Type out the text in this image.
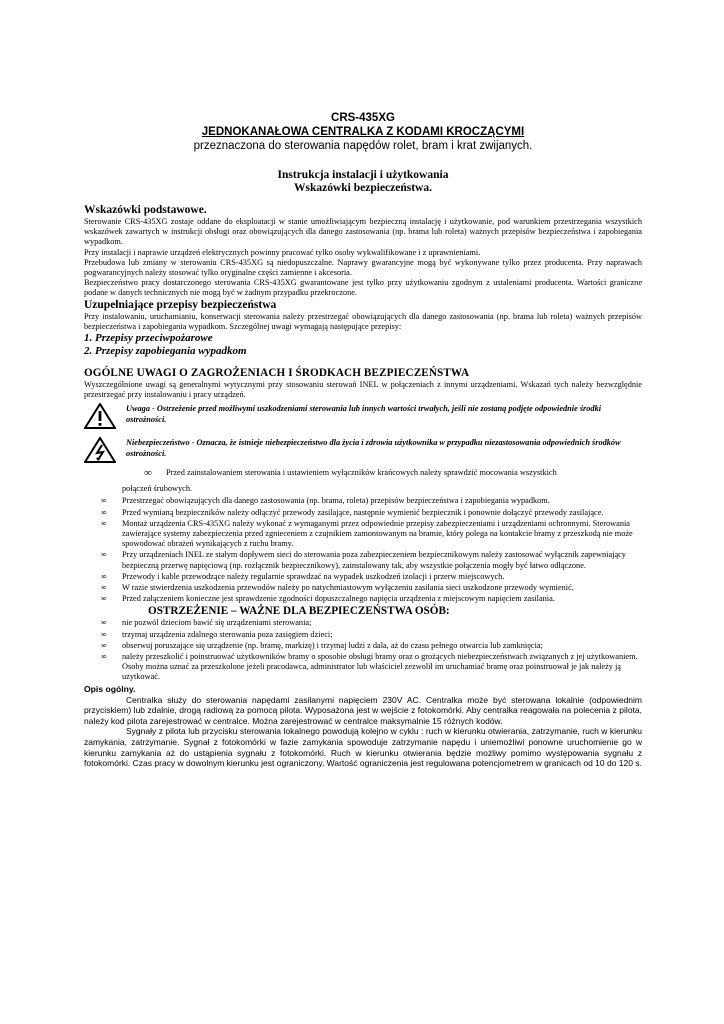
CRS-435XG
JEDNOKANAŁOWA CENTRALKA Z KODAMI KROCZĄCYMI
przeznaczona do sterowania napędów rolet, bram i krat zwijanych.
Instrukcja instalacji i użytkowania
Wskazówki bezpieczeństwa.
Wskazówki podstawowe.

Sterowanie CRS-435XG zostaje oddane do eksploatacji w stanie umożliwiającym bezpieczną instalację i użytkowanie, pod warunkiem przestrzegania wszystkich wskazówek zawartych w instrukcji obsługi oraz obowiązujących dla danego zastosowania (np. brama lub roleta) ważnych przepisów bezpieczeństwa i zapobiegania wypadkom.

Przy instalacji i naprawie urządzeń elektrycznych powinny pracować tylko osoby wykwalifikowane i z uprawnieniami.

Przebudowa lub zmiany w sterowaniu CRS-435XG są niedopuszczalne. Naprawy gwarancyjne mogą być wykonywane tylko przez producenta. Przy naprawach pogwarancyjnych należy stosować tylko oryginalne części zamienne i akcesoria.

Bezpieczeństwo pracy dostarczonego sterowania CRS-435XG gwarantowane jest tylko przy użytkowaniu zgodnym z ustaleniami producenta. Wartości graniczne podane w danych technicznych nie mogą być w żadnym przypadku przekroczone.

Uzupełniające przepisy bezpieczeństwa

Przy instalowaniu, uruchamianiu, konserwacji sterowania należy przestrzegać obowiązujących dla danego zastosowania (np. brama lub roleta) ważnych przepisów bezpieczeństwa i zapobiegania wypadkom. Szczególnej uwagi wymagają następujące przepisy:

1. Przepisy przeciwpożarowe

2. Przepisy zapobiegania wypadkom

OGÓLNE UWAGI O ZAGROŻENIACH I ŚRODKACH BEZPIECZEŃSTWA

Wyszczególnione uwagi są generalnymi wytycznymi przy stosowaniu sterowań INEL w połączeniach z innymi urządzeniami. Wskazań tych należy bezwzględnie przestrzegać przy instalowaniu i pracy urządzeń.

Uwaga - Ostrzeżenie przed możliwymi uszkodzeniami sterowania lub innych wartości trwałych, jeśli nie zostaną podjęte odpowiednie środki ostrożności.
Niebezpieczeństwo - Oznacza, że istnieje niebezpieczeństwo dla życia i zdrowia użytkownika w przypadku niezastosowania odpowiednich środków ostrożności.
∞	Przed zainstalowaniem sterowania i ustawieniem wyłączników krańcowych należy sprawdzić mocowania wszystkich
połączeń śrubowych.
∞	Przestrzegać obowiązujących dla danego zastosowania (np. brama, roleta) przepisów bezpieczeństwa i zapobiegania wypadkom.
∞	Przed wymianą bezpieczników należy odłączyć przewody zasilające, następnie wymienić bezpiecznik i ponownie dołączyć przewody zasilające.
∞	Montaż urządzenia CRS-435XG należy wykonać z wymaganymi przez odpowiednie przepisy zabezpieczeniami i urządzeniami ochronnymi. Sterowania zawierające systemy zabezpieczenia przed zgnieceniem z czujnikiem zamontowanym na bramie, który polega na kontakcie bramy z przeszkodą nie może spowodować obrażeń wynikających z ruchu bramy.
∞	Przy urządzeniach INEL ze stałym dopływem sieci do sterowania poza zabezpieczeniem bezpiecznikowym należy zastosować wyłącznik zapewniający bezpieczną przerwę napięciową (np. rozłącznik bezpiecznikowy), zainstalowany tak, aby wszystkie połączenia mogły być łatwo odłączone.
∞	Przewody i kable przewodzące należy regularnie sprawdzać na wypadek uszkodzeń izolacji i przerw miejscowych.
∞	W razie stwierdzenia uszkodzenia przewodów należy po natychmiastowym wyłączeniu zasilania sieci uszkodzone przewody wymienić.
∞	Przed załączeniem konieczne jest sprawdzenie zgodności dopuszczalnego napięcia urządzenia z miejscowym napięciem zasilania.
OSTRZEŻENIE – WAŻNE DLA BEZPIECZEŃSTWA OSÓB:
∞	nie pozwól dzieciom bawić się urządzeniami sterowania;
∞	trzymaj urządzenia zdalnego sterowania poza zasięgiem dzieci;
∞	obserwuj poruszające się urządzenie (np. bramę, markizę) i trzymaj ludzi z dala, aż do czasu pełnego otwarcia lub zamknięcia;
∞	należy przeszkolić i poinstruować użytkowników bramy o sposobie obsługi bramy oraz o grożących niebezpieczeństwach związanych z jej użytkowaniem. Osoby można uznać za przeszkolone jeżeli pracodawca, administrator lub właściciel zezwolił im uruchamiać bramę oraz poinstruował je jak należy ją użytkować.
Opis ogólny.

Centralka służy do sterowania napędami zasilanymi napięciem 230V AC. Centralka może być sterowana lokalnie (odpowiednim przyciskiem) lub zdalnie, drogą radiową za pomocą pilota. Wyposażona jest w wejście z fotokomórki. Aby centralka reagowała na polecenia z pilota, należy kod pilota zarejestrować w centralce. Można zarejestrować w centralce maksymalnie 15 różnych kodów.

Sygnały z pilota lub przycisku sterowania lokalnego powodują kolejno w cyklu : ruch w kierunku otwierania, zatrzymanie, ruch w kierunku zamykania, zatrzymanie. Sygnał z fotokomórki w fazie zamykania spowoduje zatrzymanie napędu i uniemożliwi ponowne uruchomienie go w kierunku zamykania aż do ustąpienia sygnału z fotokomórki. Ruch w kierunku otwierania będzie możliwy pomimo występowania sygnału z fotokomórki. Czas pracy w dowolnym kierunku jest ograniczony. Wartość ograniczenia jest regulowana potencjometrem w granicach od 10 do 120 s.
